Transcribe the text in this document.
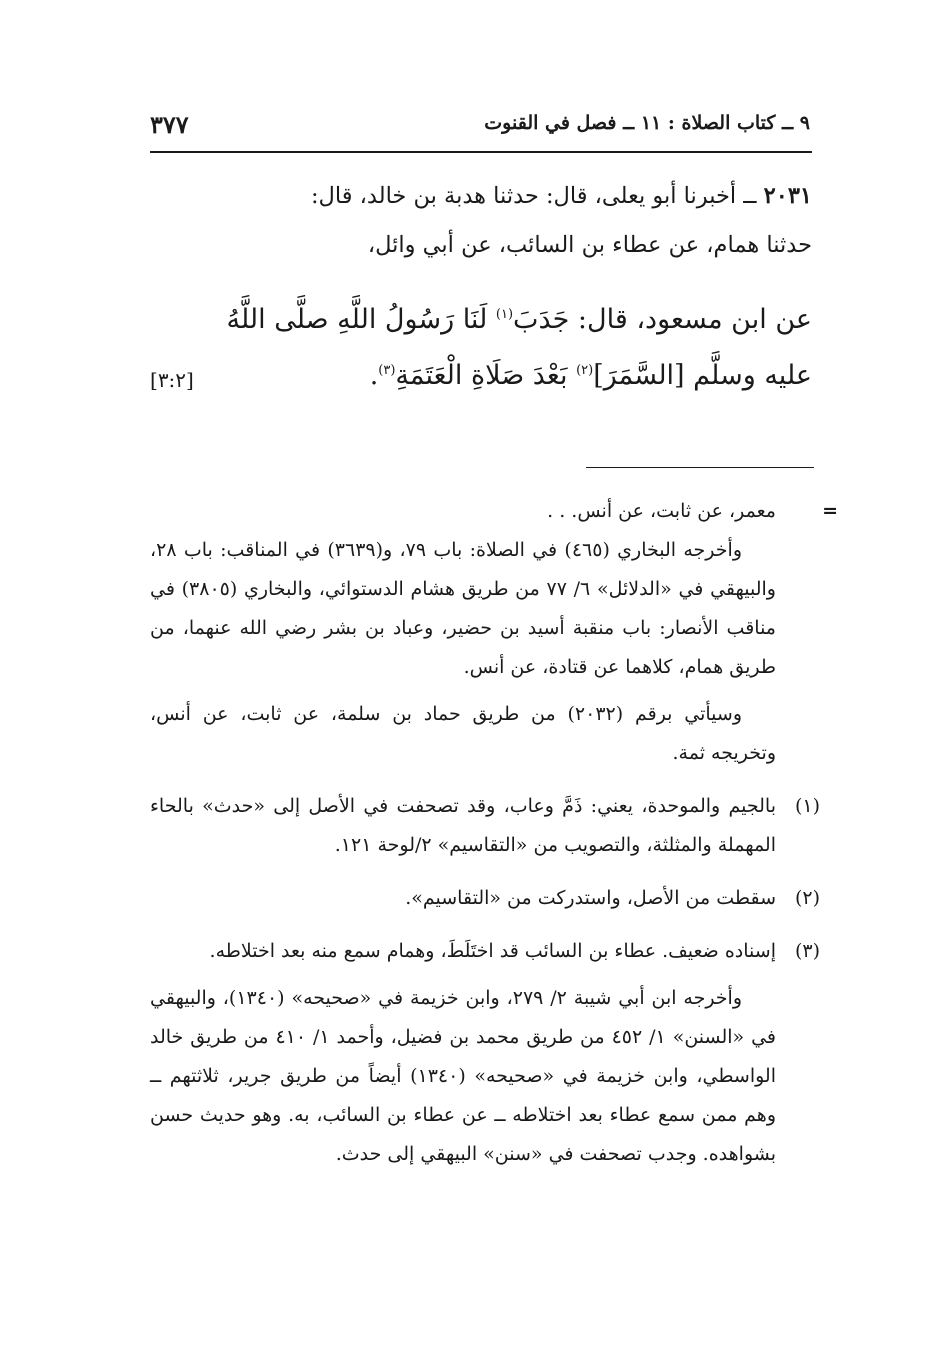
٩ ــ كتاب الصلاة : ١١ ــ فصل في القنوت
٣٧٧

٢٠٣١ ــ أخبرنا أبو يعلى، قال: حدثنا هدبة بن خالد، قال:

حدثنا همام، عن عطاء بن السائب، عن أبي وائل،

عن ابن مسعود، قال: جَدَبَ$^{(١)}$ لَنَا رَسُولُ اللَّهِ صلَّى اللَّهُ

[٣:٢]	عليه وسلَّم [السَّمَرَ]$^{(٢)}$ بَعْدَ صَلَاةِ الْعَتَمَةِ$^{(٣)}$.

=

معمر، عن ثابت، عن أنس. . .

وأخرجه البخاري (٤٦٥) في الصلاة: باب ٧٩، و(٣٦٣٩) في المناقب: باب ٢٨، والبيهقي في «الدلائل» ٦/ ٧٧ من طريق هشام الدستوائي، والبخاري (٣٨٠٥) في مناقب الأنصار: باب منقبة أسيد بن حضير، وعباد بن بشر رضي الله عنهما، من طريق همام، كلاهما عن قتادة، عن أنس.

وسيأتي برقم (٢٠٣٢) من طريق حماد بن سلمة، عن ثابت، عن أنس، وتخريجه ثمة.

(١)

بالجيم والموحدة، يعني: ذَمَّ وعاب، وقد تصحفت في الأصل إلى «حدث» بالحاء المهملة والمثلثة، والتصويب من «التقاسيم» ٢/لوحة ١٢١.

(٢)

سقطت من الأصل، واستدركت من «التقاسيم».

(٣)

إسناده ضعيف. عطاء بن السائب قد اختَلَطَ، وهمام سمع منه بعد اختلاطه.

وأخرجه ابن أبي شيبة ٢/ ٢٧٩، وابن خزيمة في «صحيحه» (١٣٤٠)، والبيهقي في «السنن» ١/ ٤٥٢ من طريق محمد بن فضيل، وأحمد ١/ ٤١٠ من طريق خالد الواسطي، وابن خزيمة في «صحيحه» (١٣٤٠) أيضاً من طريق جرير، ثلاثتهم ــ وهم ممن سمع عطاء بعد اختلاطه ــ عن عطاء بن السائب، به. وهو حديث حسن بشواهده. وجدب تصحفت في «سنن» البيهقي إلى حدث.
